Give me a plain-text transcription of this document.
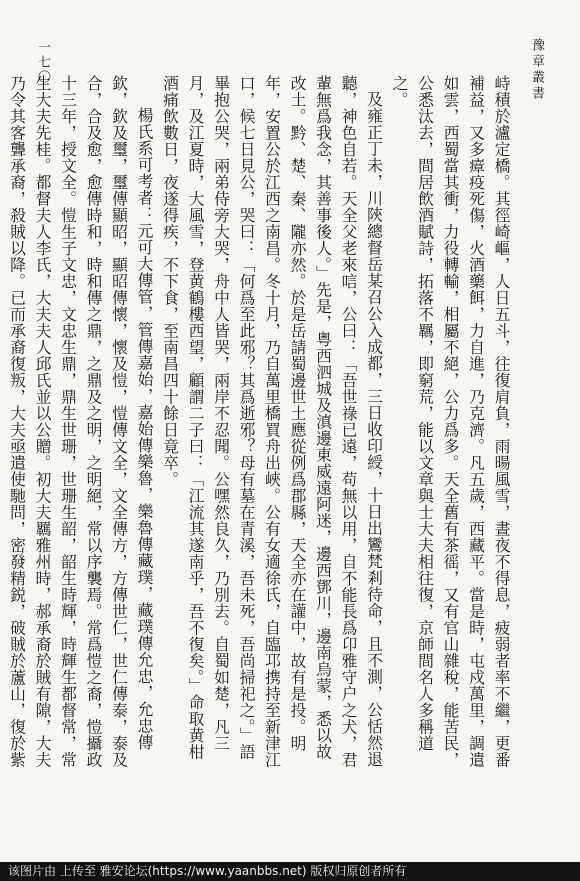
豫章叢書
一七〇

峙積於瀘定橋。其徑崎嶇，人日五斗，往復肩負，雨暘風雪，晝夜不得息，疲弱者率不繼，更番補益，又多瘴疫死傷，火酒藥餌，力自進，乃克濟。凡五歲，西藏平。當是時，屯戍萬里，調遣如雲，西蜀當其衝，力役轉輸，相屬不絕，公力爲多。天全舊有茶徭，又有官山雜稅，能苦民，公悉汰去，間居飲酒賦詩，拓落不羈，即窮荒，能以文章與士大夫相往復，京師間名人多稱道之。

及雍正丁未，川陝總督岳某召公入成都，三日收印綬，十日出鸞梵剎待命，且不測，公恬然退聽，神色自若。天全父老來唁，公曰：「吾世祿已遠，苟無以用，自不能長爲卬雅守户之犬，君輩無爲我念，其善事後人。」先是，粤西泗城及滇邊東威遠阿迷，邊西鄧川，邊南烏蒙，悉以故改土。黔、楚、秦、隴亦然。於是岳請蜀邊世土應從例爲郡縣，天全亦在讙中，故有是投。明年，安置公於江西之南昌。冬十月，乃自萬里橋買舟出峽。公有女適徐氏，自臨邛携持至新津江口，候七日見公，哭曰：「何爲至此邪？其爲逝邪？母有墓在青溪，吾未死，吾尚掃祀之。」語畢抱公哭，兩弟侍旁大哭，舟中人皆哭，兩岸不忍聞。公嘿然良久，乃別去。自蜀如楚，凡三月，及江夏時，大風雪，登黄鶴樓西望，顧謂二子曰：「江流其遂南乎，吾不復矣。」命取黄柑酒痛飲數日，夜遂得疾，不下食，至南昌四十餘日竟卒。

楊氏系可考者：元可大傳管，管傳嘉始，嘉始傳樂魯，樂魯傳藏璞，藏璞傳允忠，允忠傳欽，欽及璽，璽傳顯昭，顯昭傳懷，懷及愷，愷傳文全，文全傳方，方傳世仁，世仁傳泰，泰及合，合及愈，愈傳時和，時和傳之鼎，之鼎及之明，之明絕，常以序襲焉。常爲愷之裔，愷攝政十三年，授文全。愷生子文忠，文忠生鼎，鼎生世珊，世珊生韶，韶生時輝，時輝生都督常，常生大夫先桂。都督夫人李氏，大夫夫人邱氏並以公贈。初大夫羈雅州時，郝承裔於賊有隙，大夫乃令其客聾承裔，殺賊以降。已而承裔復叛，大夫亟遣使馳問，密發精鋭，破賊於蘆山，復於紫

该图片由 上传至 雅安论坛(https://www.yaanbbs.net) 版权归原创者所有
